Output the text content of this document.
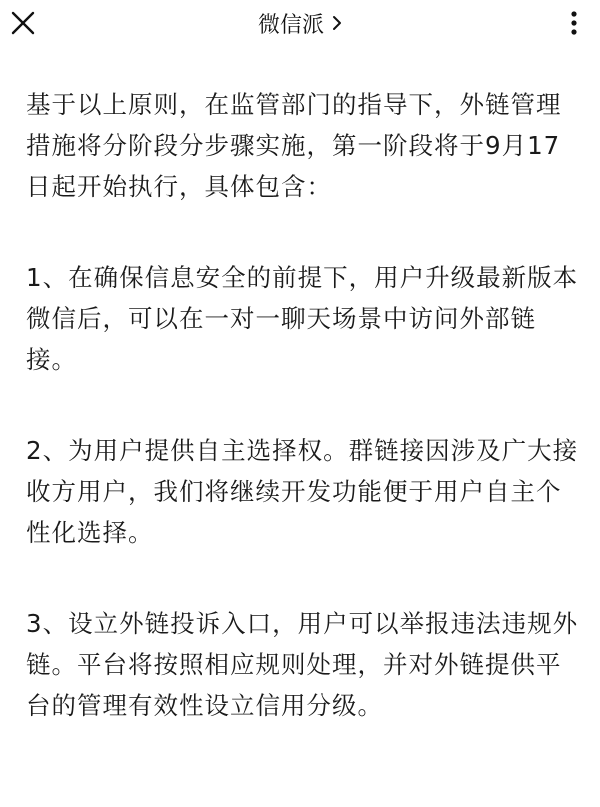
微信派

基于以上原则，在监管部门的指导下，外链管理措施将分阶段分步骤实施，第一阶段将于9月17日起开始执行，具体包含：

1、在确保信息安全的前提下，用户升级最新版本微信后，可以在一对一聊天场景中访问外部链接。

2、为用户提供自主选择权。群链接因涉及广大接收方用户，我们将继续开发功能便于用户自主个性化选择。

3、设立外链投诉入口，用户可以举报违法违规外链。平台将按照相应规则处理，并对外链提供平台的管理有效性设立信用分级。
